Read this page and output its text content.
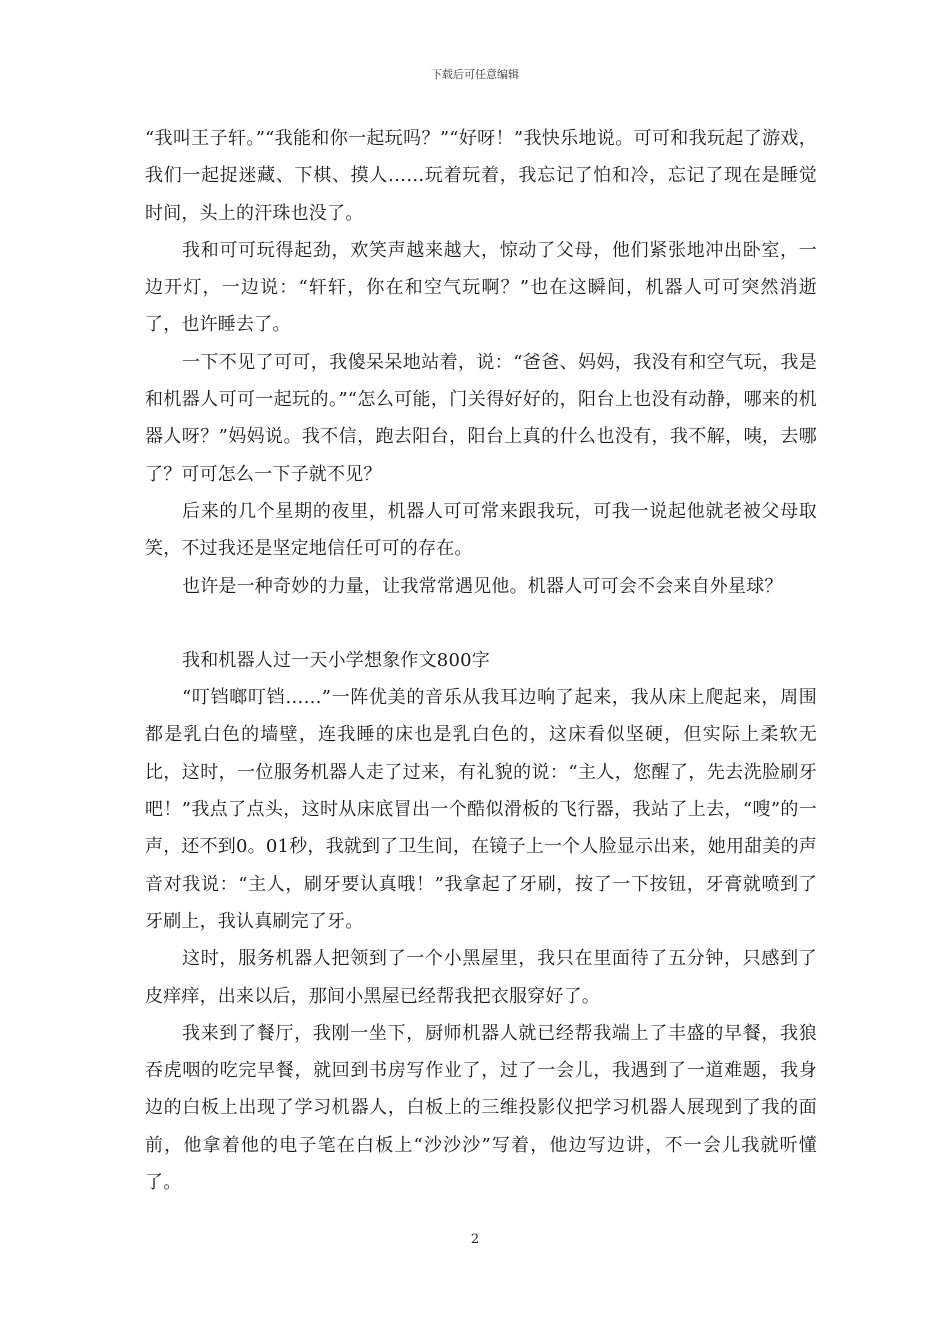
下载后可任意编辑

“我叫王子轩。”“我能和你一起玩吗？”“好呀！”我快乐地说。可可和我玩起了游戏，我们一起捉迷藏、下棋、摸人……玩着玩着，我忘记了怕和冷，忘记了现在是睡觉时间，头上的汗珠也没了。

我和可可玩得起劲，欢笑声越来越大，惊动了父母，他们紧张地冲出卧室，一边开灯，一边说：“轩轩，你在和空气玩啊？”也在这瞬间，机器人可可突然消逝了，也许睡去了。

一下不见了可可，我傻呆呆地站着，说：“爸爸、妈妈，我没有和空气玩，我是和机器人可可一起玩的。”“怎么可能，门关得好好的，阳台上也没有动静，哪来的机器人呀？”妈妈说。我不信，跑去阳台，阳台上真的什么也没有，我不解，咦，去哪了？可可怎么一下子就不见？

后来的几个星期的夜里，机器人可可常来跟我玩，可我一说起他就老被父母取笑，不过我还是坚定地信任可可的存在。

也许是一种奇妙的力量，让我常常遇见他。机器人可可会不会来自外星球？

我和机器人过一天小学想象作文800字

“叮铛啷叮铛……”一阵优美的音乐从我耳边响了起来，我从床上爬起来，周围都是乳白色的墙壁，连我睡的床也是乳白色的，这床看似坚硬，但实际上柔软无比，这时，一位服务机器人走了过来，有礼貌的说：“主人，您醒了，先去洗脸刷牙吧！”我点了点头，这时从床底冒出一个酷似滑板的飞行器，我站了上去，“嗖”的一声，还不到0。01秒，我就到了卫生间，在镜子上一个人脸显示出来，她用甜美的声音对我说：“主人，刷牙要认真哦！”我拿起了牙刷，按了一下按钮，牙膏就喷到了牙刷上，我认真刷完了牙。

这时，服务机器人把领到了一个小黑屋里，我只在里面待了五分钟，只感到了皮痒痒，出来以后，那间小黑屋已经帮我把衣服穿好了。

我来到了餐厅，我刚一坐下，厨师机器人就已经帮我端上了丰盛的早餐，我狼吞虎咽的吃完早餐，就回到书房写作业了，过了一会儿，我遇到了一道难题，我身边的白板上出现了学习机器人，白板上的三维投影仪把学习机器人展现到了我的面前，他拿着他的电子笔在白板上“沙沙沙”写着，他边写边讲，不一会儿我就听懂了。

2
